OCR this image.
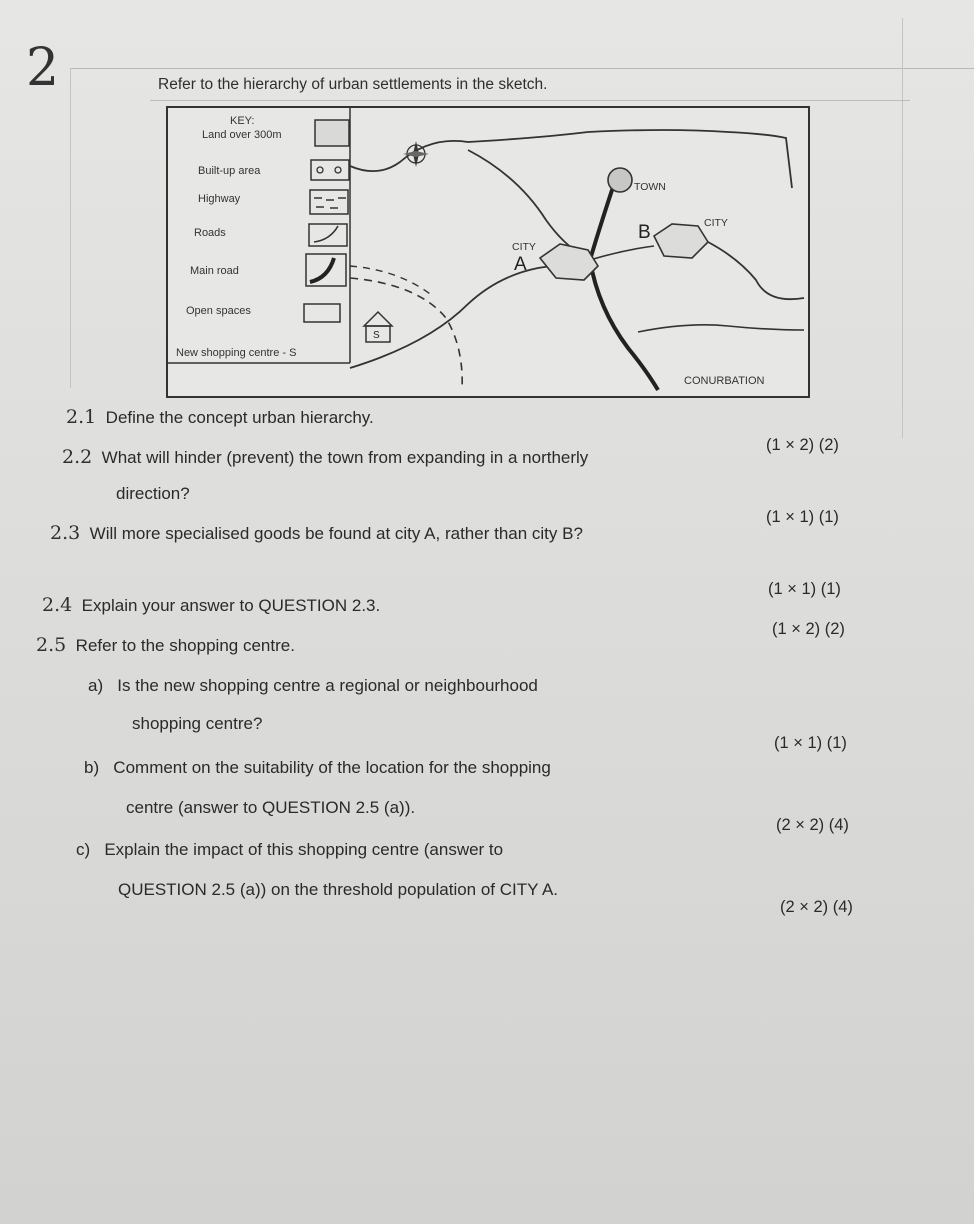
2	Refer to the hierarchy of urban settlements in the sketch.
KEY:
Land over 300m
Built-up area
Highway
Roads
Main road
Open spaces
New shopping centre - S
TOWN
CITY
A
B	CITY
CONURBATION
S
2.1 Define the concept urban hierarchy.
(1 × 2) (2)
2.2 What will hinder (prevent) the town from expanding in a northerly
direction?
(1 × 1) (1)
2.3 Will more specialised goods be found at city A, rather than city B?
(1 × 1) (1)
2.4 Explain your answer to QUESTION 2.3.
(1 × 2) (2)
2.5 Refer to the shopping centre.
a) Is the new shopping centre a regional or neighbourhood
shopping centre?
(1 × 1) (1)
b) Comment on the suitability of the location for the shopping
centre (answer to QUESTION 2.5 (a)).
(2 × 2) (4)
c) Explain the impact of this shopping centre (answer to
QUESTION 2.5 (a)) on the threshold population of CITY A.
(2 × 2) (4)
